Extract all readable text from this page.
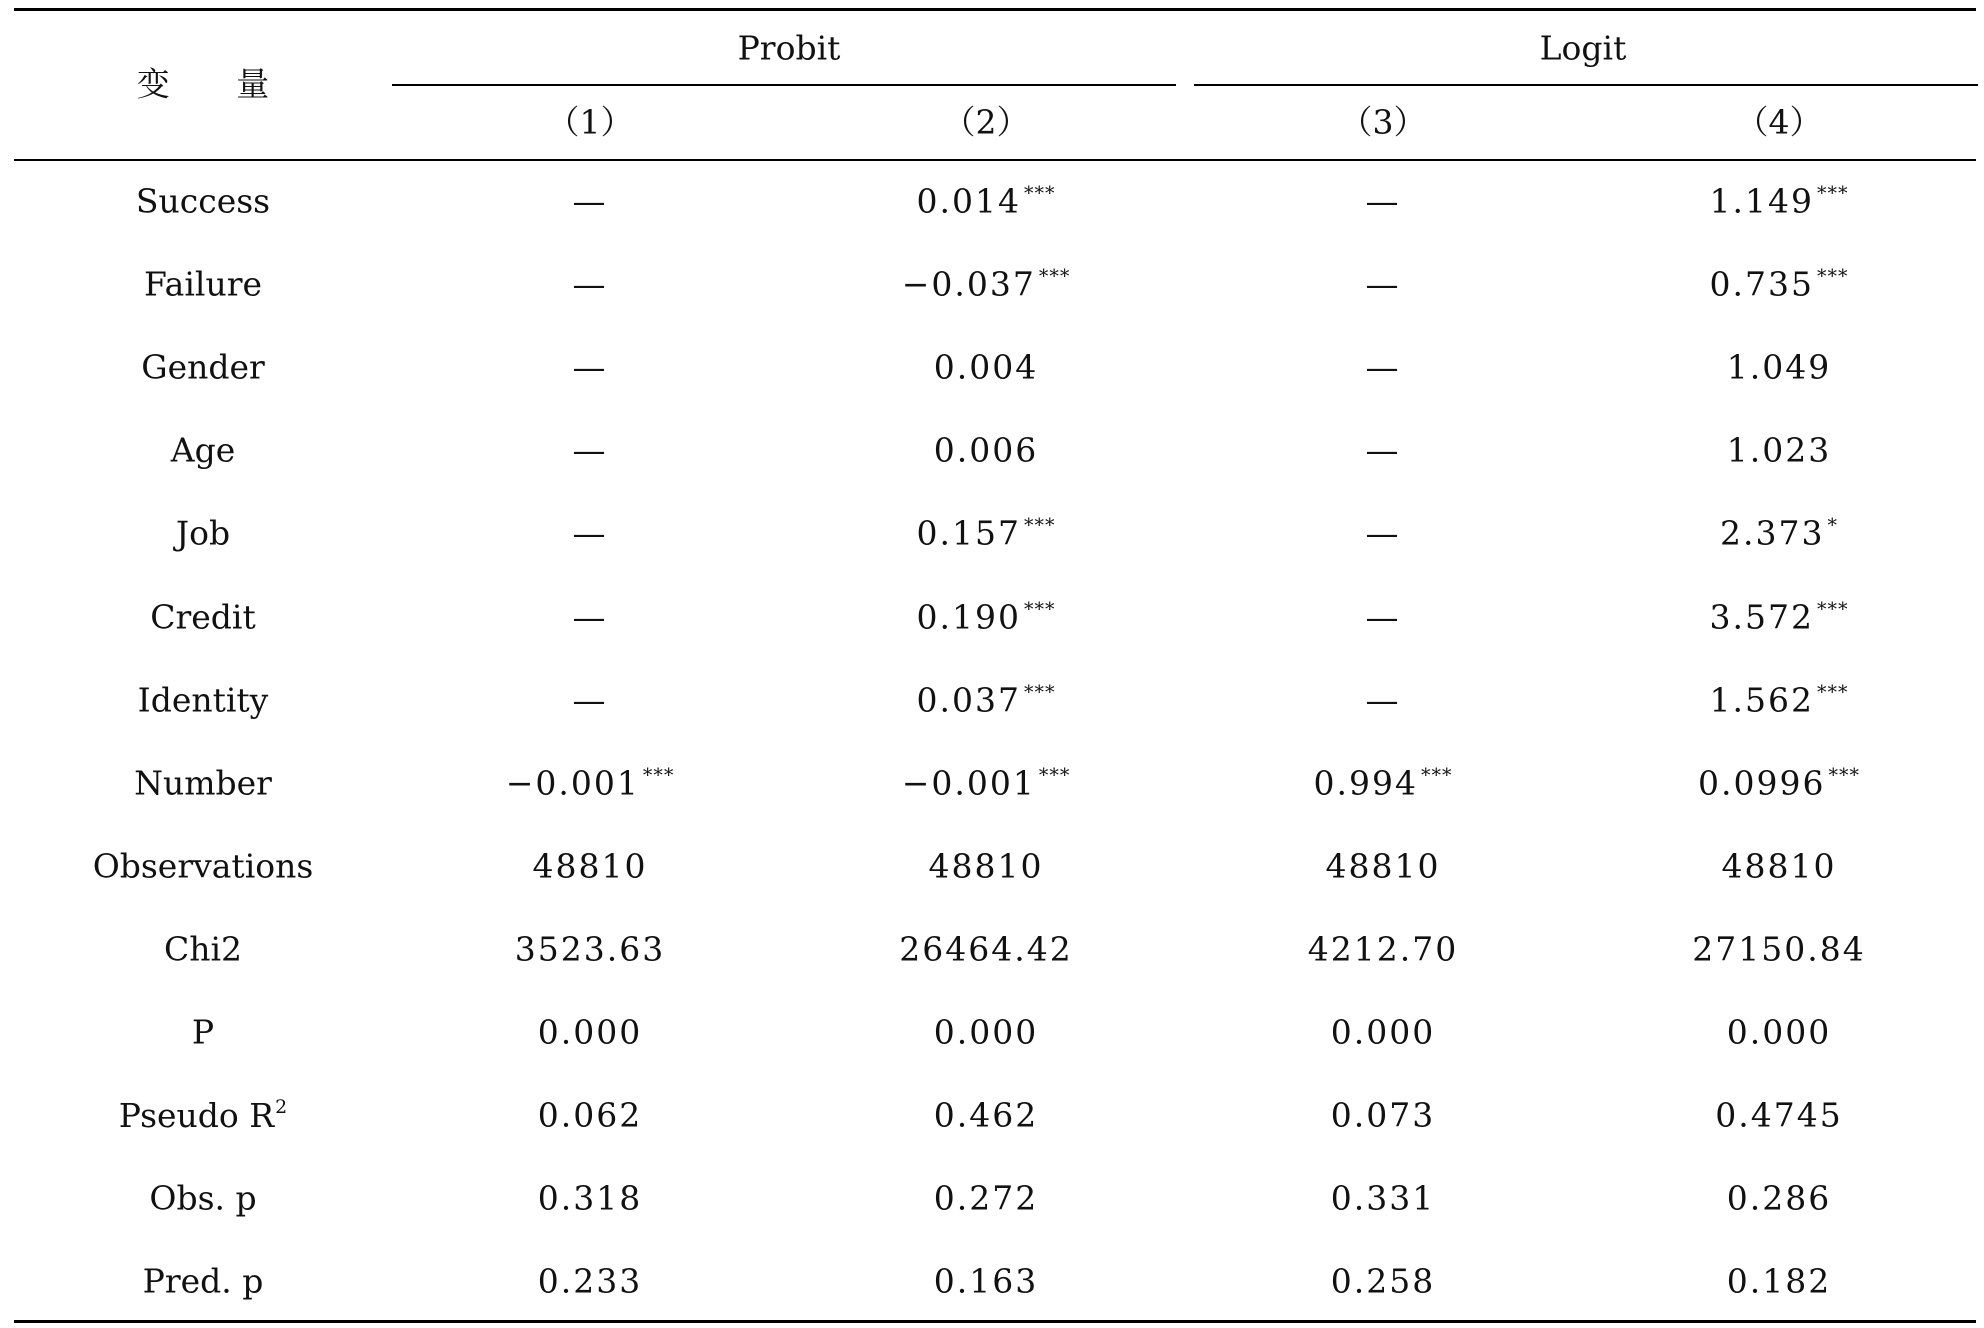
变 量
Probit	Logit
（1）	（2）	（3）	（4）
Success	—	0.014 ***	—	1.149 ***
Failure	—	−0.037 ***	—	0.735 ***
Gender	—	0.004	—	1.049
Age	—	0.006	—	1.023
Job	—	0.157 ***	—	2.373 *
Credit	—	0.190 ***	—	3.572 ***
Identity	—	0.037 ***	—	1.562 ***
Number	−0.001 ***	−0.001 ***	0.994 ***	0.0996 ***
Observations	48810	48810	48810	48810
Chi2	3523.63	26464.42	4212.70	27150.84
P	0.000	0.000	0.000	0.000
Pseudo $R^2$	0.062	0.462	0.073	0.4745
Obs. p	0.318	0.272	0.331	0.286
Pred. p	0.233	0.163	0.258	0.182
